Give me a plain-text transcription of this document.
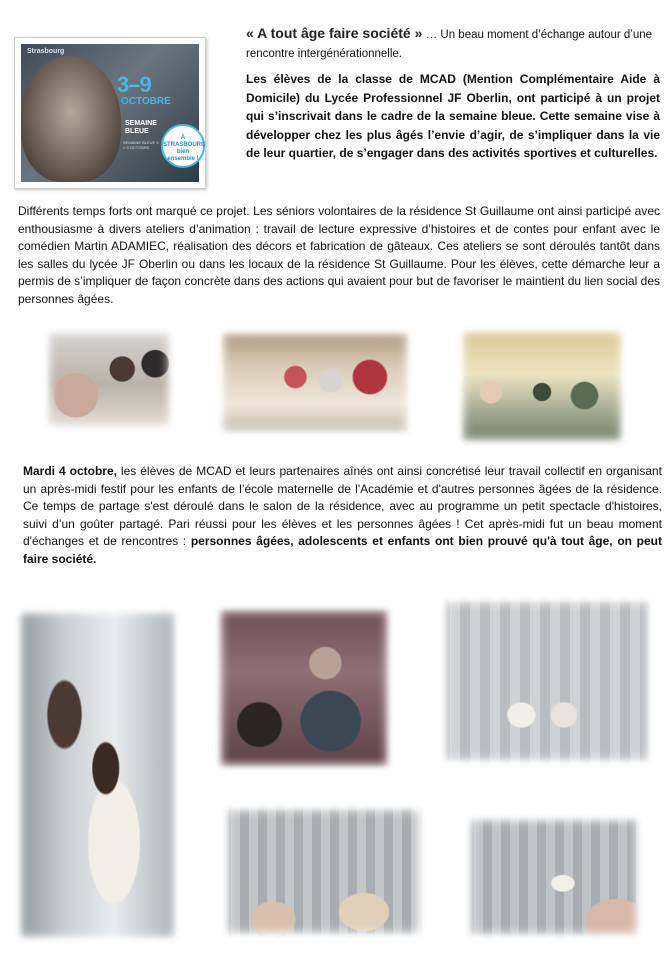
Strasbourg
3–9
OCTOBRE
SEMAINE BLEUE
SEMAINE BLEUE 3 > 9 OCTOBRE
À STRASBOURG bien ensemble !
« A tout âge faire société » … Un beau moment d’échange autour d’une rencontre intergénérationnelle.
Les élèves de la classe de MCAD (Mention Complémentaire Aide à Domicile) du Lycée Professionnel JF Oberlin, ont participé à un projet qui s’inscrivait dans le cadre de la semaine bleue. Cette semaine vise à développer chez les plus âgés l’envie d’agir, de s’impliquer dans la vie de leur quartier, de s’engager dans des activités sportives et culturelles.
Différents temps forts ont marqué ce projet. Les séniors volontaires de la résidence St Guillaume ont ainsi participé avec enthousiasme à divers ateliers d’animation : travail de lecture expressive d’histoires et de contes pour enfant avec le comédien Martin ADAMIEC, réalisation des décors et fabrication de gâteaux. Ces ateliers se sont déroulés tantôt dans les salles du lycée JF Oberlin ou dans les locaux de la résidence St Guillaume. Pour les élèves, cette démarche leur a permis de s’impliquer de façon concrète dans des actions qui avaient pour but de favoriser le maintient du lien social des personnes âgées.
Mardi 4 octobre, les élèves de MCAD et leurs partenaires aînés ont ainsi concrétisé leur travail collectif en organisant un après-midi festif pour les enfants de l’école maternelle de l'Académie et d'autres personnes âgées de la résidence. Ce temps de partage s'est déroulé dans le salon de la résidence, avec au programme un petit spectacle d'histoires, suivi d’un goûter partagé. Pari réussi pour les élèves et les personnes âgées ! Cet après-midi fut un beau moment d'échanges et de rencontres : personnes âgées, adolescents et enfants ont bien prouvé qu'à tout âge, on peut faire société.
